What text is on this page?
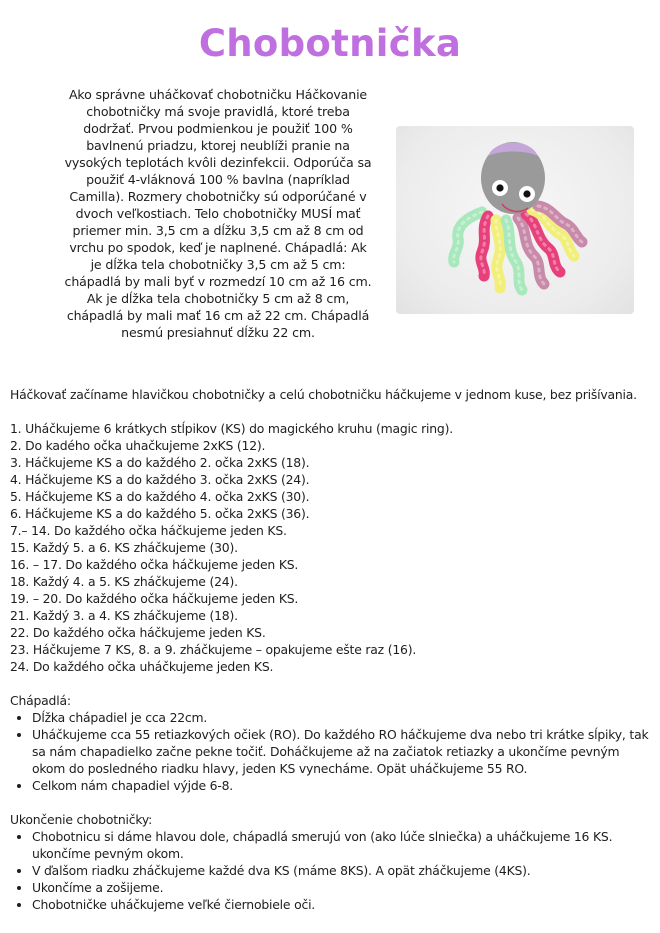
Chobotnička

Ako správne uháčkovať chobotničku Háčkovanie chobotničky má svoje pravidlá, ktoré treba dodržať. Prvou podmienkou je použiť 100 % bavlnenú priadzu, ktorej neublíži pranie na vysokých teplotách kvôli dezinfekcii. Odporúča sa použiť 4-vláknová 100 % bavlna (napríklad Camilla). Rozmery chobotničky sú odporúčané v dvoch veľkostiach. Telo chobotničky MUSÍ mať priemer min. 3,5 cm a dĺžku 3,5 cm až 8 cm od vrchu po spodok, keď je naplnené. Chápadlá: Ak je dĺžka tela chobotničky 3,5 cm až 5 cm: chápadlá by mali byť v rozmedzí 10 cm až 16 cm. Ak je dĺžka tela chobotničky 5 cm až 8 cm, chápadlá by mali mať 16 cm až 22 cm. Chápadlá nesmú presiahnuť dĺžku 22 cm.

Háčkovať začíname hlavičkou chobotničky a celú chobotničku háčkujeme v jednom kuse, bez prišívania.

1. Uháčkujeme 6 krátkych stĺpikov (KS) do magického kruhu (magic ring).
2. Do kadého očka uhačkujeme 2xKS (12).
3. Háčkujeme KS a do každého 2. očka 2xKS (18).
4. Háčkujeme KS a do každého 3. očka 2xKS (24).
5. Háčkujeme KS a do každého 4. očka 2xKS (30).
6. Háčkujeme KS a do každého 5. očka 2xKS (36).
7.– 14. Do každého očka háčkujeme jeden KS.
15. Každý 5. a 6. KS zháčkujeme (30).
16. – 17. Do každého očka háčkujeme jeden KS.
18. Každý 4. a 5. KS zháčkujeme (24).
19. – 20. Do každého očka háčkujeme jeden KS.
21. Každý 3. a 4. KS zháčkujeme (18).
22. Do každého očka háčkujeme jeden KS.
23. Háčkujeme 7 KS, 8. a 9. zháčkujeme – opakujeme ešte raz (16).
24. Do každého očka uháčkujeme jeden KS.

Chápadlá:

• Dĺžka chápadiel je cca 22cm.
• Uháčkujeme cca 55 retiazkových očiek (RO). Do každého RO háčkujeme dva nebo tri krátke sĺpiky, tak sa nám chapadielko začne pekne točiť. Doháčkujeme až na začiatok retiazky a ukončíme pevným okom do posledného riadku hlavy, jeden KS vynecháme. Opät uháčkujeme 55 RO.
• Celkom nám chapadiel výjde 6-8.

Ukončenie chobotničky:

• Chobotnicu si dáme hlavou dole, chápadlá smerujú von (ako lúče slniečka) a uháčkujeme 16 KS. ukončíme pevným okom.
• V ďalšom riadku zháčkujeme každé dva KS (máme 8KS). A opät zháčkujeme (4KS).
• Ukončíme a zošijeme.
• Chobotničke uháčkujeme veľké čiernobiele oči.
